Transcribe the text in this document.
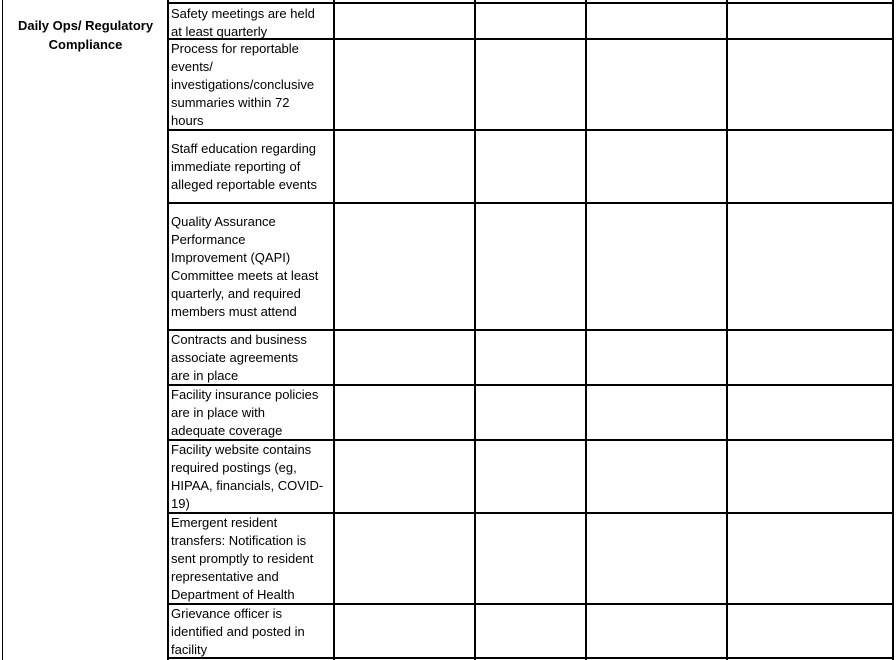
Daily Ops/ Regulatory
Compliance
Safety meetings are held
at least quarterly
Process for reportable
events/
investigations/conclusive
summaries within 72
hours
Staff education regarding
immediate reporting of
alleged reportable events
Quality Assurance
Performance
Improvement (QAPI)
Committee meets at least
quarterly, and required
members must attend
Contracts and business
associate agreements
are in place
Facility insurance policies
are in place with
adequate coverage
Facility website contains
required postings (eg,
HIPAA, financials, COVID-
19)
Emergent resident
transfers: Notification is
sent promptly to resident
representative and
Department of Health
Grievance officer is
identified and posted in
facility
